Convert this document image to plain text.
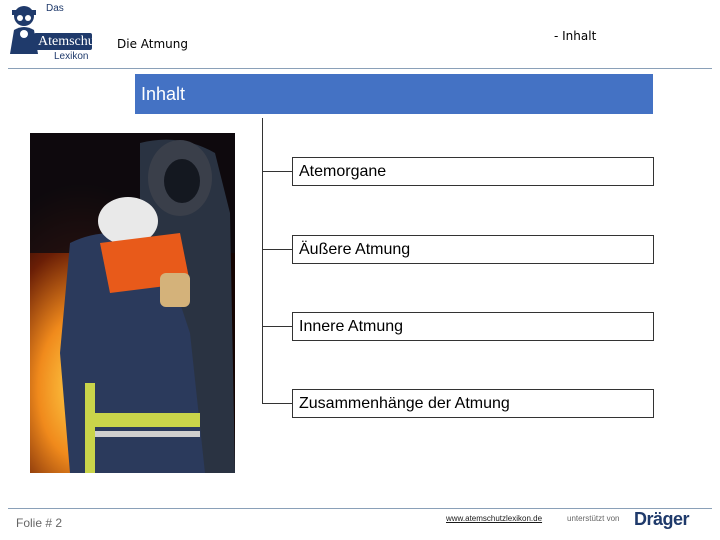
Das
Atemschutz
Lexikon
Die Atmung
- Inhalt
Inhalt
Atemorgane
Äußere Atmung
Innere Atmung
Zusammenhänge der Atmung
Folie # 2	www.atemschutzlexikon.de	unterstützt von Dräger
